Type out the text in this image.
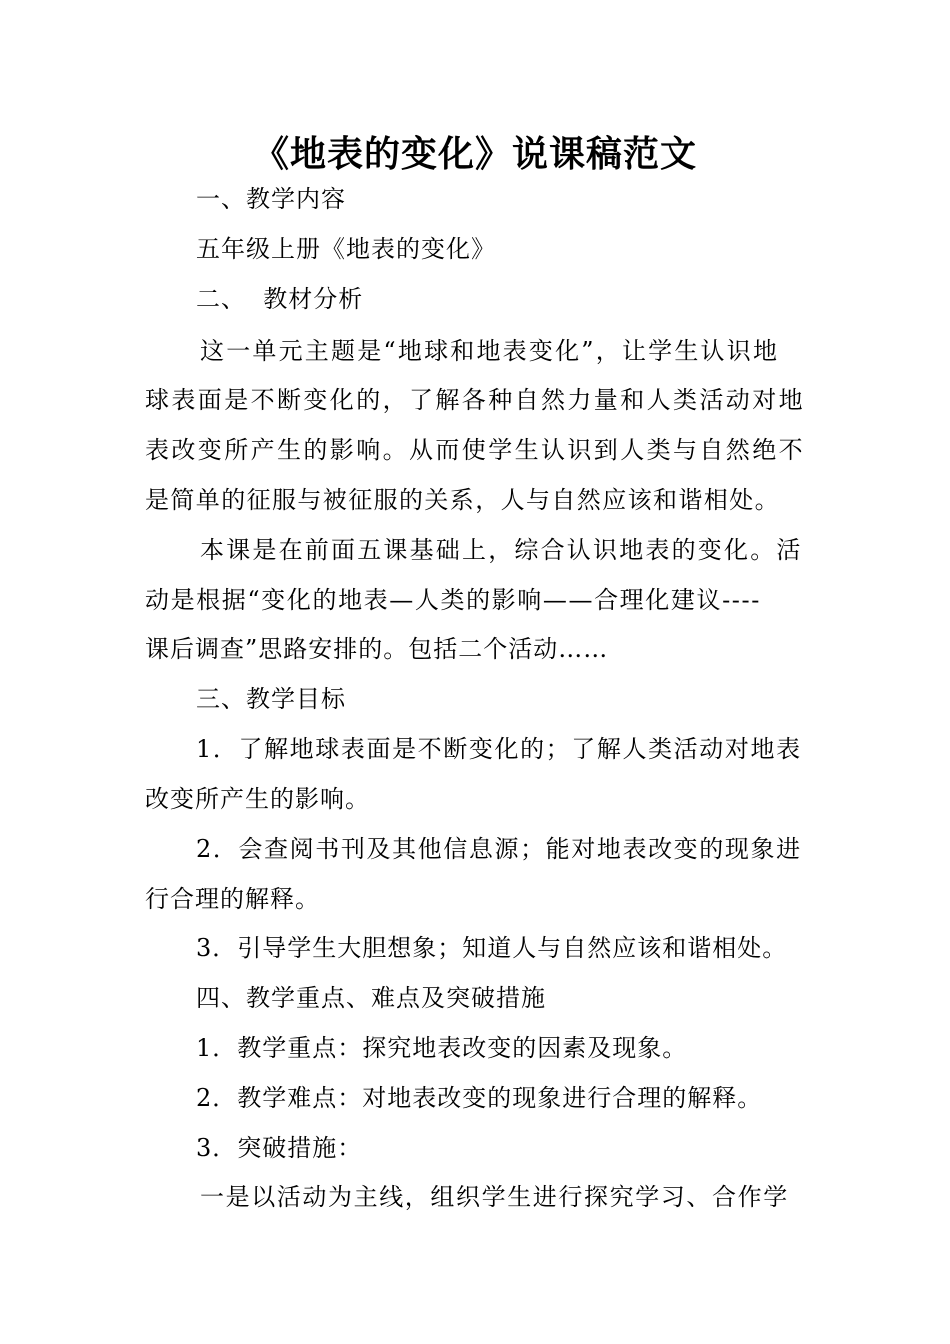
《地表的变化》说课稿范文
一、教学内容
五年级上册《地表的变化》
二、  教材分析
这一单元主题是“地球和地表变化”，让学生认识地
球表面是不断变化的，了解各种自然力量和人类活动对地
表改变所产生的影响。从而使学生认识到人类与自然绝不
是简单的征服与被征服的关系，人与自然应该和谐相处。
本课是在前面五课基础上，综合认识地表的变化。活
动是根据“变化的地表—人类的影响——合理化建议----
课后调查”思路安排的。包括二个活动……
三、教学目标
1．了解地球表面是不断变化的；了解人类活动对地表
改变所产生的影响。
2．会查阅书刊及其他信息源；能对地表改变的现象进
行合理的解释。
3．引导学生大胆想象；知道人与自然应该和谐相处。
四、教学重点、难点及突破措施
1．教学重点：探究地表改变的因素及现象。
2．教学难点：对地表改变的现象进行合理的解释。
3．突破措施：
一是以活动为主线，组织学生进行探究学习、合作学
